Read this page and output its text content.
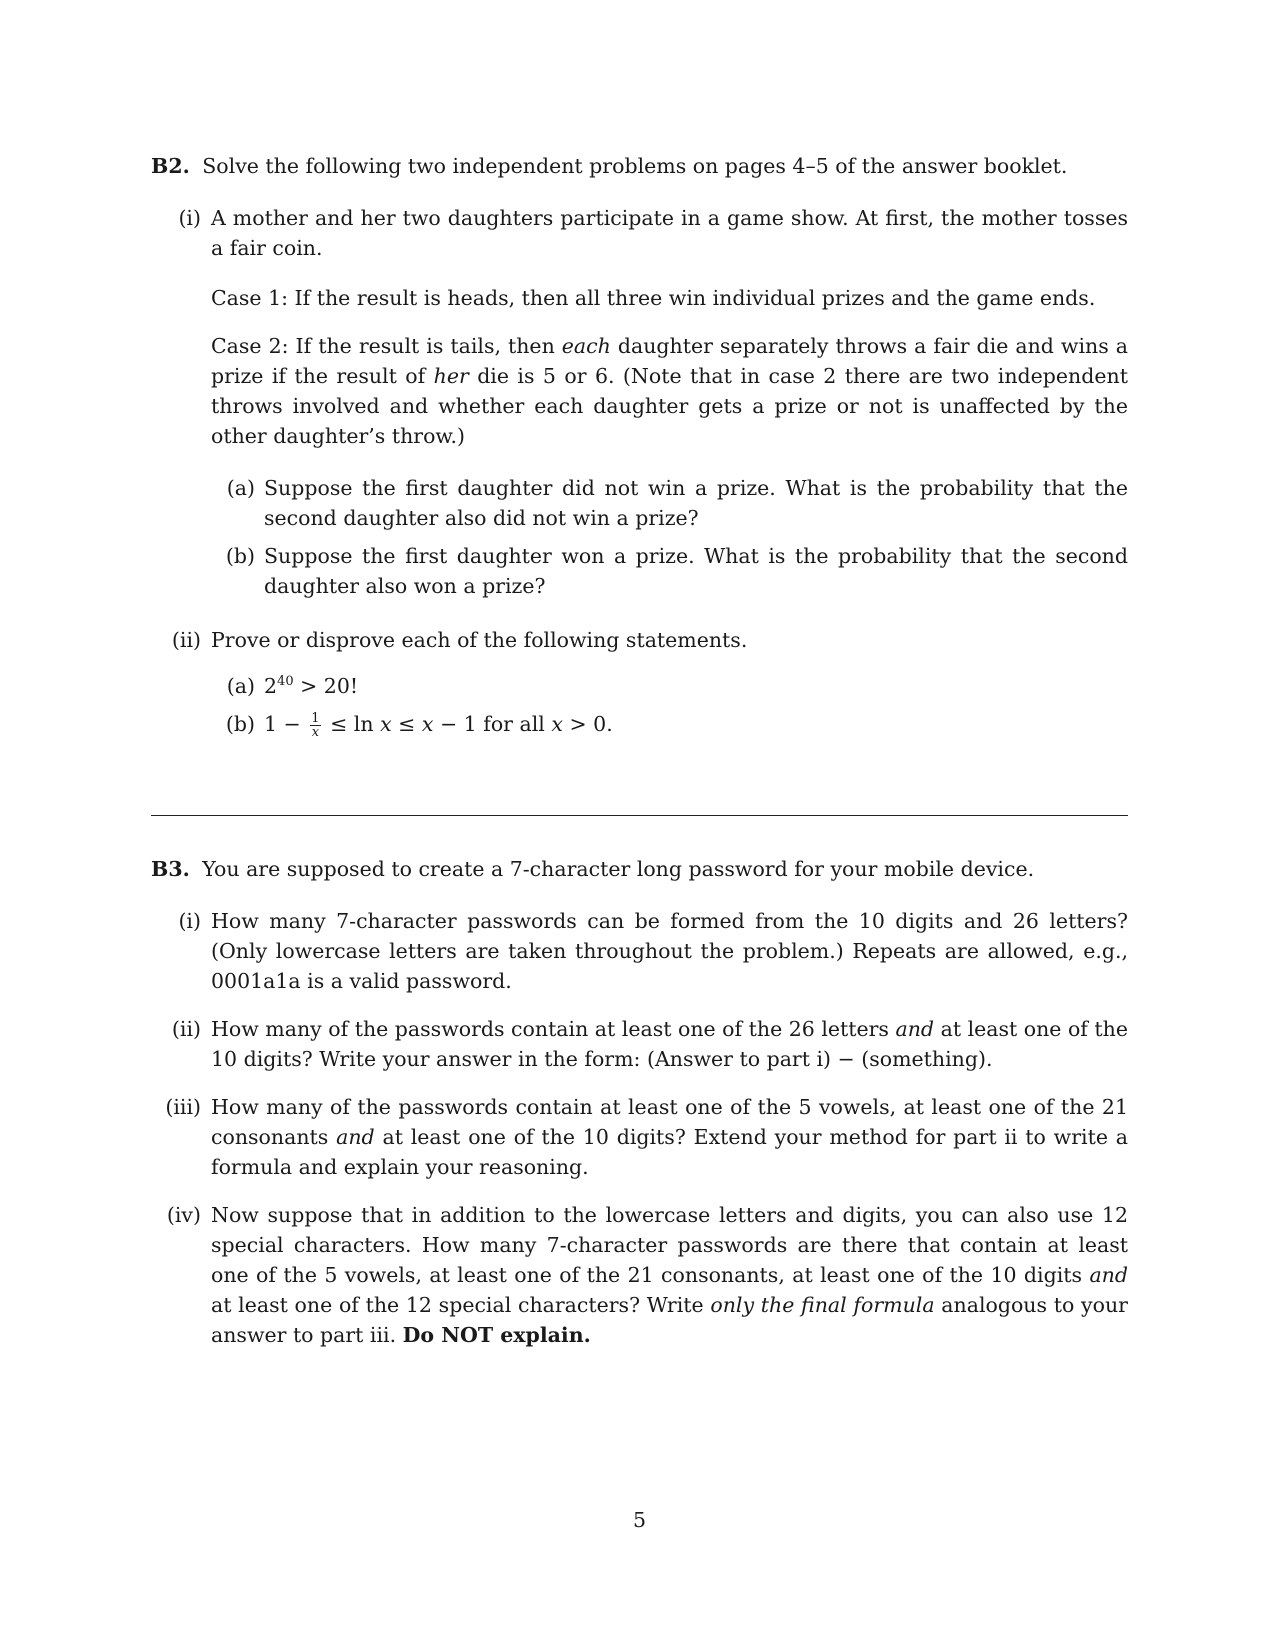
B2. Solve the following two independent problems on pages 4–5 of the answer booklet.

(i) A mother and her two daughters participate in a game show. At first, the mother tosses a fair coin.
Case 1: If the result is heads, then all three win individual prizes and the game ends.
Case 2: If the result is tails, then each daughter separately throws a fair die and wins a prize if the result of her die is 5 or 6. (Note that in case 2 there are two independent throws involved and whether each daughter gets a prize or not is unaffected by the other daughter’s throw.)
(a) Suppose the first daughter did not win a prize. What is the probability that the second daughter also did not win a prize?
(b) Suppose the first daughter won a prize. What is the probability that the second daughter also won a prize?
(ii) Prove or disprove each of the following statements.
(a) $2^{40} > 20$!
(b) $1 - \frac{1}{x} \le \ln x \le x - 1$ for all x > 0.

B3. You are supposed to create a 7-character long password for your mobile device.

(i) How many 7-character passwords can be formed from the 10 digits and 26 letters? (Only lowercase letters are taken throughout the problem.) Repeats are allowed, e.g., 0001a1a is a valid password.
(ii) How many of the passwords contain at least one of the 26 letters and at least one of the 10 digits? Write your answer in the form: (Answer to part i) − (something).
(iii) How many of the passwords contain at least one of the 5 vowels, at least one of the 21 consonants and at least one of the 10 digits? Extend your method for part ii to write a formula and explain your reasoning.
(iv) Now suppose that in addition to the lowercase letters and digits, you can also use 12 special characters. How many 7-character passwords are there that contain at least one of the 5 vowels, at least one of the 21 consonants, at least one of the 10 digits and at least one of the 12 special characters? Write only the final formula analogous to your answer to part iii. Do NOT explain.
5
